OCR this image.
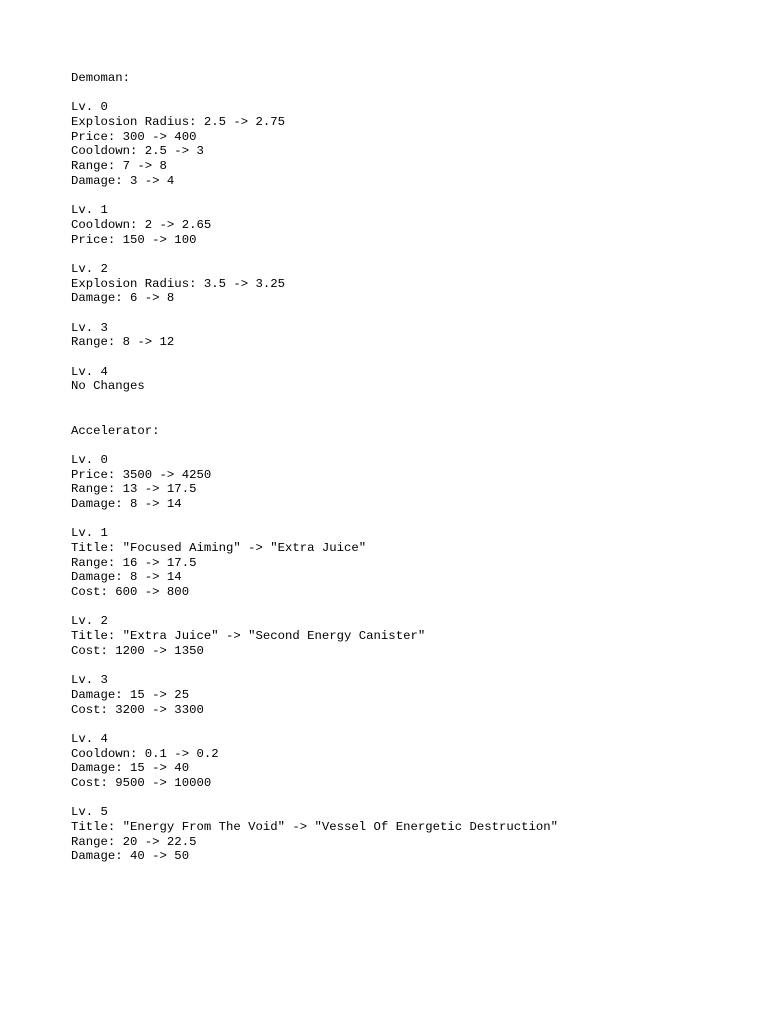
Demoman:
Lv. 0
Explosion Radius: 2.5 -> 2.75
Price: 300 -> 400
Cooldown: 2.5 -> 3
Range: 7 -> 8
Damage: 3 -> 4
Lv. 1
Cooldown: 2 -> 2.65
Price: 150 -> 100
Lv. 2
Explosion Radius: 3.5 -> 3.25
Damage: 6 -> 8
Lv. 3
Range: 8 -> 12
Lv. 4
No Changes
Accelerator:
Lv. 0
Price: 3500 -> 4250
Range: 13 -> 17.5
Damage: 8 -> 14
Lv. 1
Title: "Focused Aiming" -> "Extra Juice"
Range: 16 -> 17.5
Damage: 8 -> 14
Cost: 600 -> 800
Lv. 2
Title: "Extra Juice" -> "Second Energy Canister"
Cost: 1200 -> 1350
Lv. 3
Damage: 15 -> 25
Cost: 3200 -> 3300
Lv. 4
Cooldown: 0.1 -> 0.2
Damage: 15 -> 40
Cost: 9500 -> 10000
Lv. 5
Title: "Energy From The Void" -> "Vessel Of Energetic Destruction"
Range: 20 -> 22.5
Damage: 40 -> 50
